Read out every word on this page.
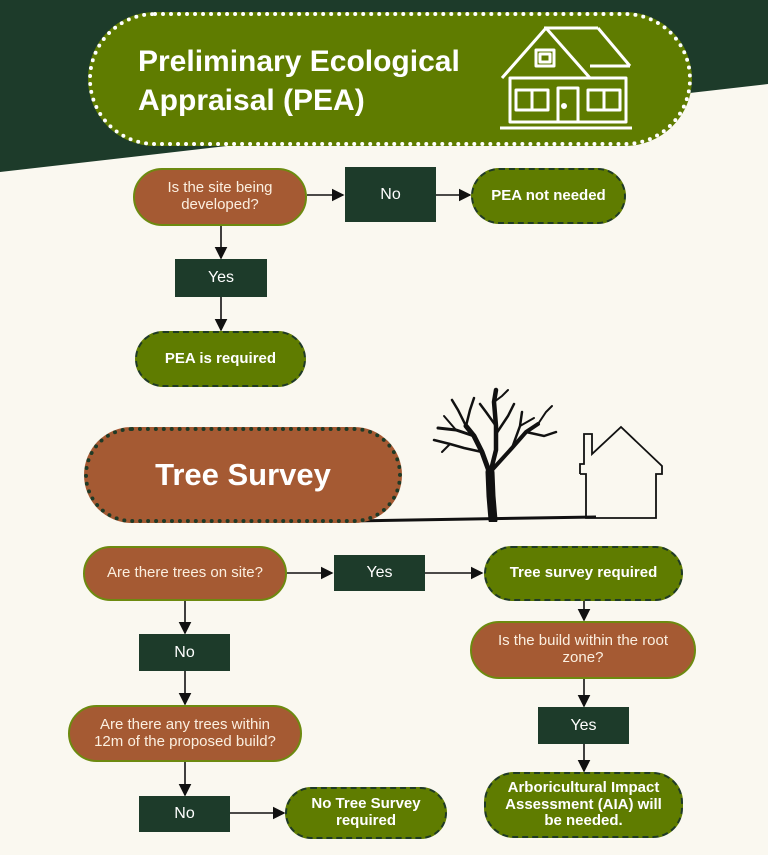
Preliminary Ecological
Appraisal (PEA)
Is the site being
developed?
No	PEA not needed
Yes
PEA is required
Tree Survey
Are there trees on site?	Yes	Tree survey required
No
Are there any trees within
12m of the proposed build?
No
No Tree Survey
required
Is the build within the root
zone?
Yes
Arboricultural Impact
Assessment (AIA) will
be needed.
